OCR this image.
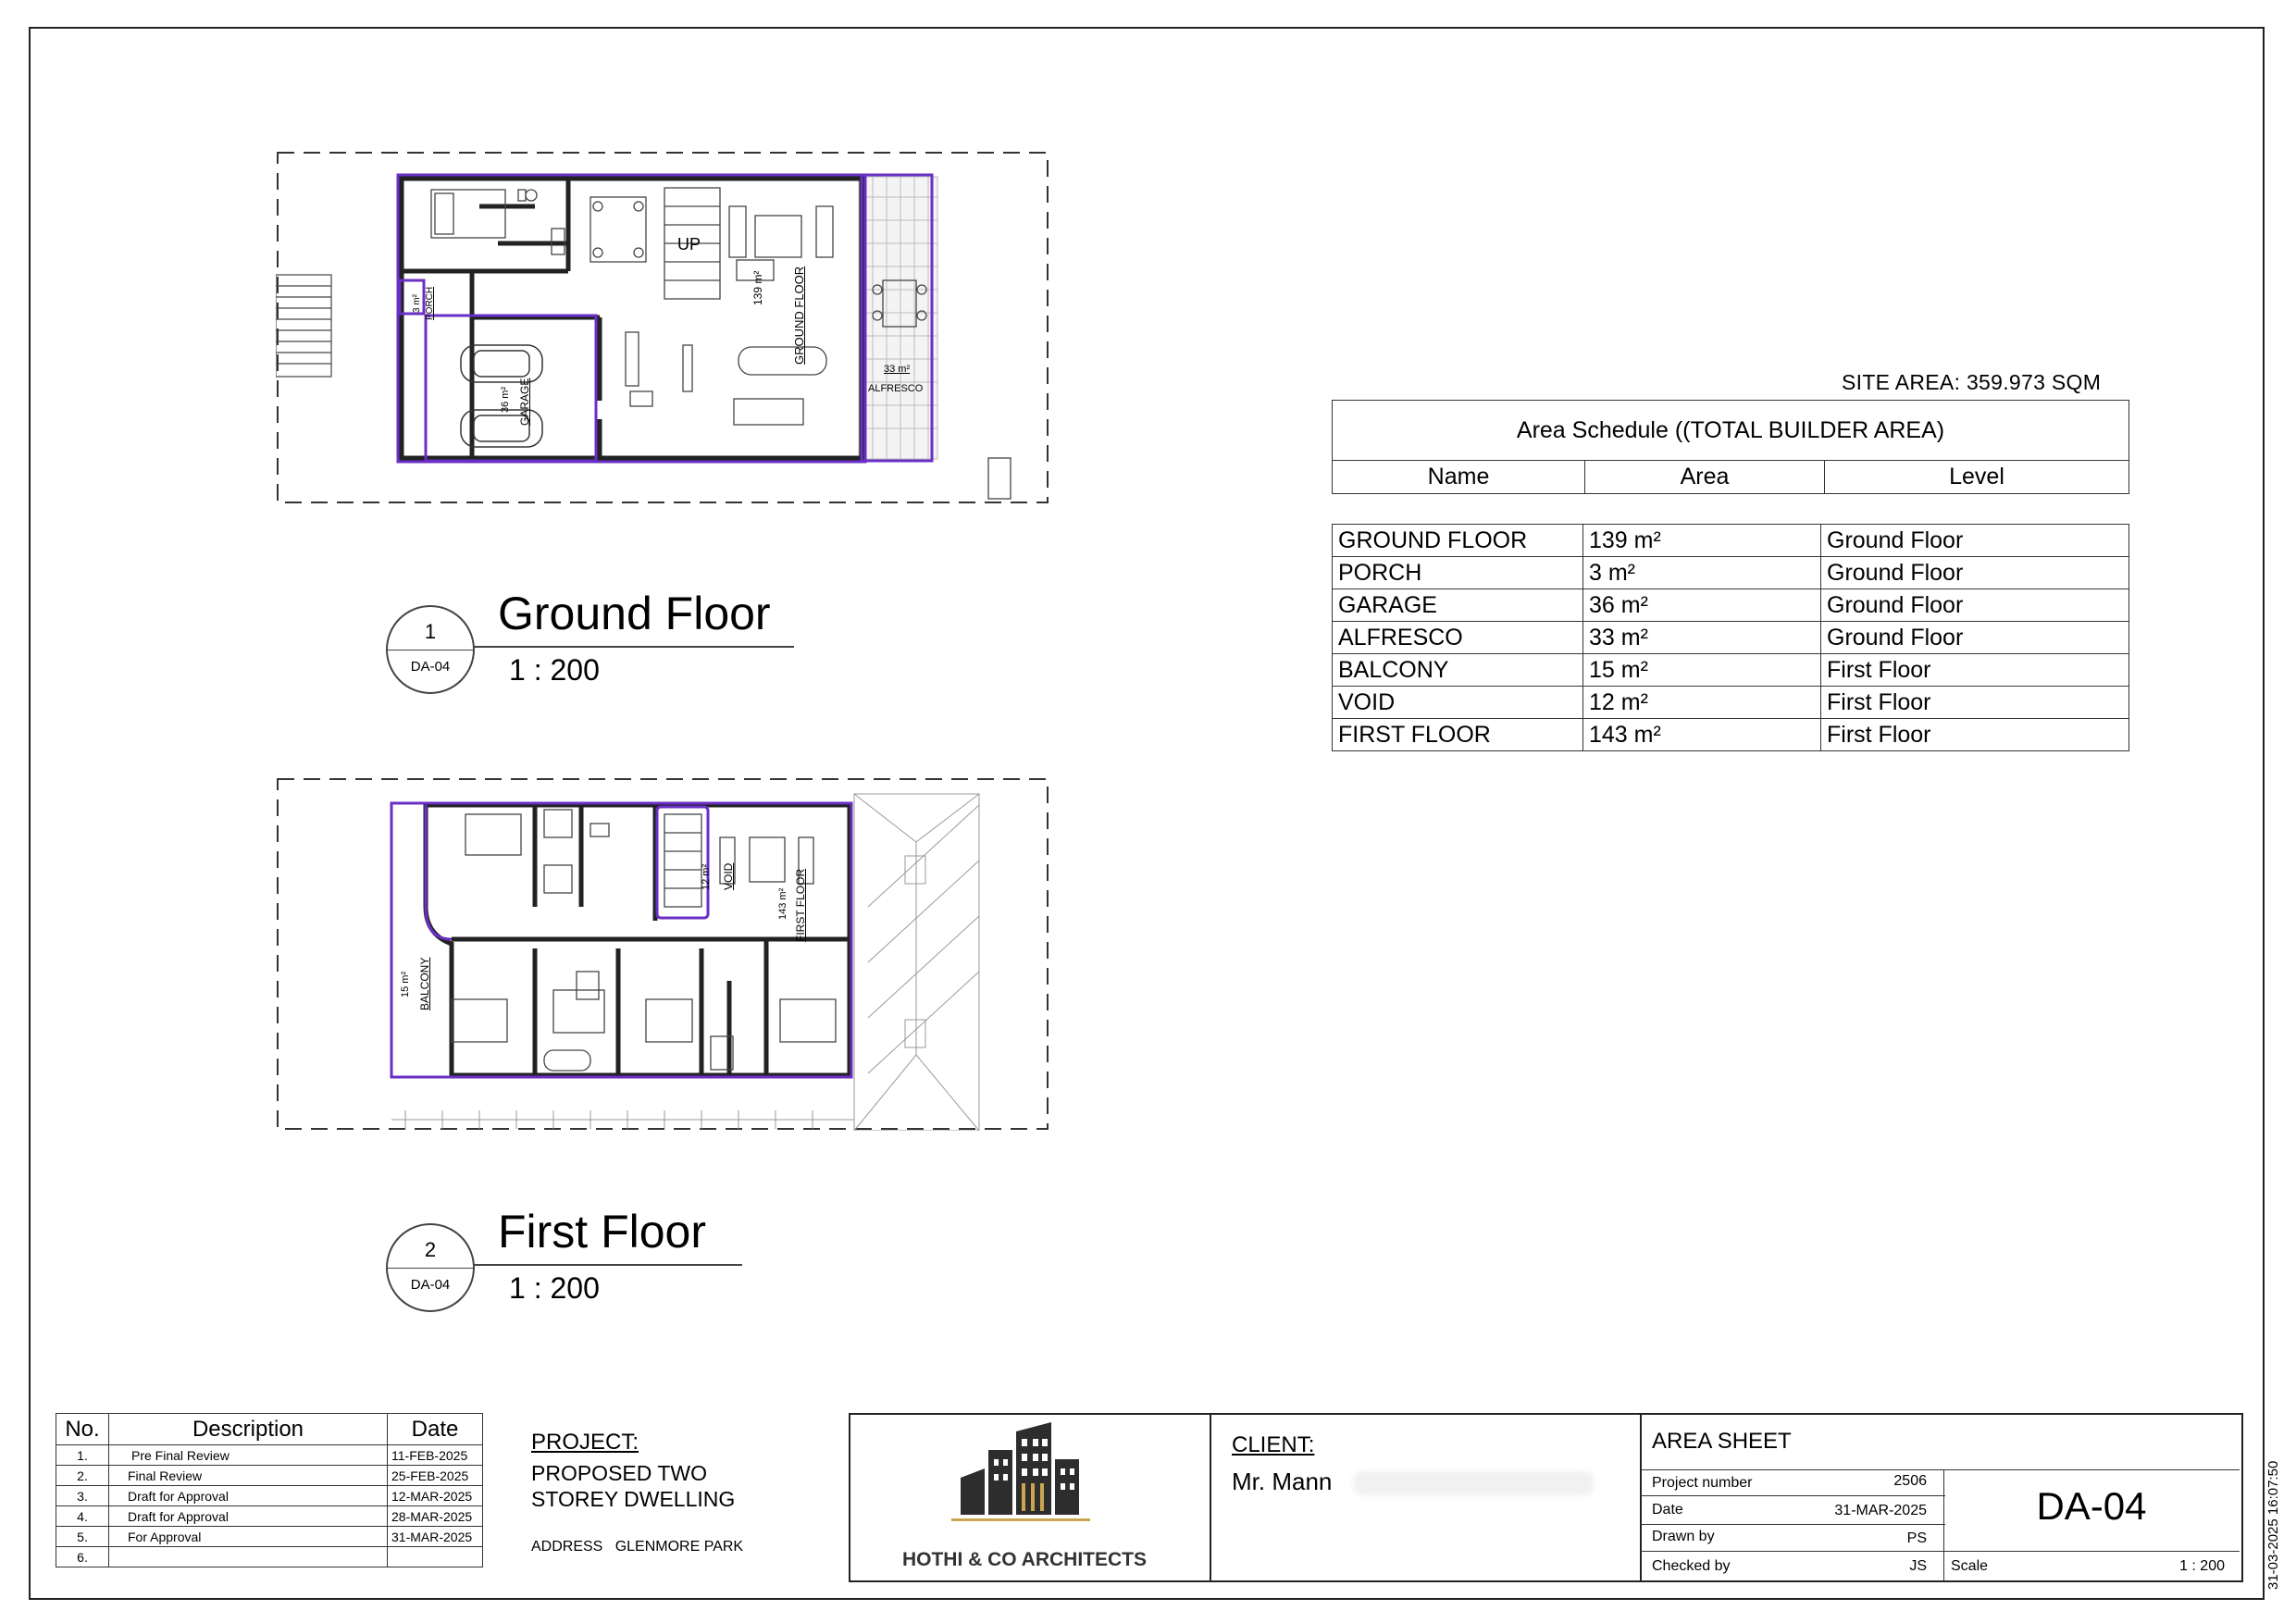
139 m² GROUND FLOOR
3 m² PORCH
36 m² GARAGE
33 m²
ALFRESCO
UP
1
DA-04
Ground Floor
1 : 200
12 m² VOID
143 m² FIRST FLOOR
15 m² BALCONY
2
DA-04
First Floor
1 : 200
SITE AREA: 359.973 SQM
Area Schedule ((TOTAL BUILDER AREA)
Name	Area	Level
GROUND FLOOR	139 m²	Ground Floor
PORCH	3 m²	Ground Floor
GARAGE	36 m²	Ground Floor
ALFRESCO	33 m²	Ground Floor
BALCONY	15 m²	First Floor
VOID	12 m²	First Floor
FIRST FLOOR	143 m²	First Floor
No.	Description	Date
1.	Pre Final Review	11-FEB-2025
2.	Final Review	25-FEB-2025
3.	Draft for Approval	12-MAR-2025
4.	Draft for Approval	28-MAR-2025
5.	For Approval	31-MAR-2025
6.		
PROJECT:
PROPOSED TWO
STOREY DWELLING
ADDRESS   GLENMORE PARK
HOTHI & CO ARCHITECTS
CLIENT:
Mr. Mann
AREA SHEET
Project number	2506
Date	31-MAR-2025
Drawn by	PS
Checked by	JS
DA-04
Scale	1 : 200	31-03-2025 16:07:50
